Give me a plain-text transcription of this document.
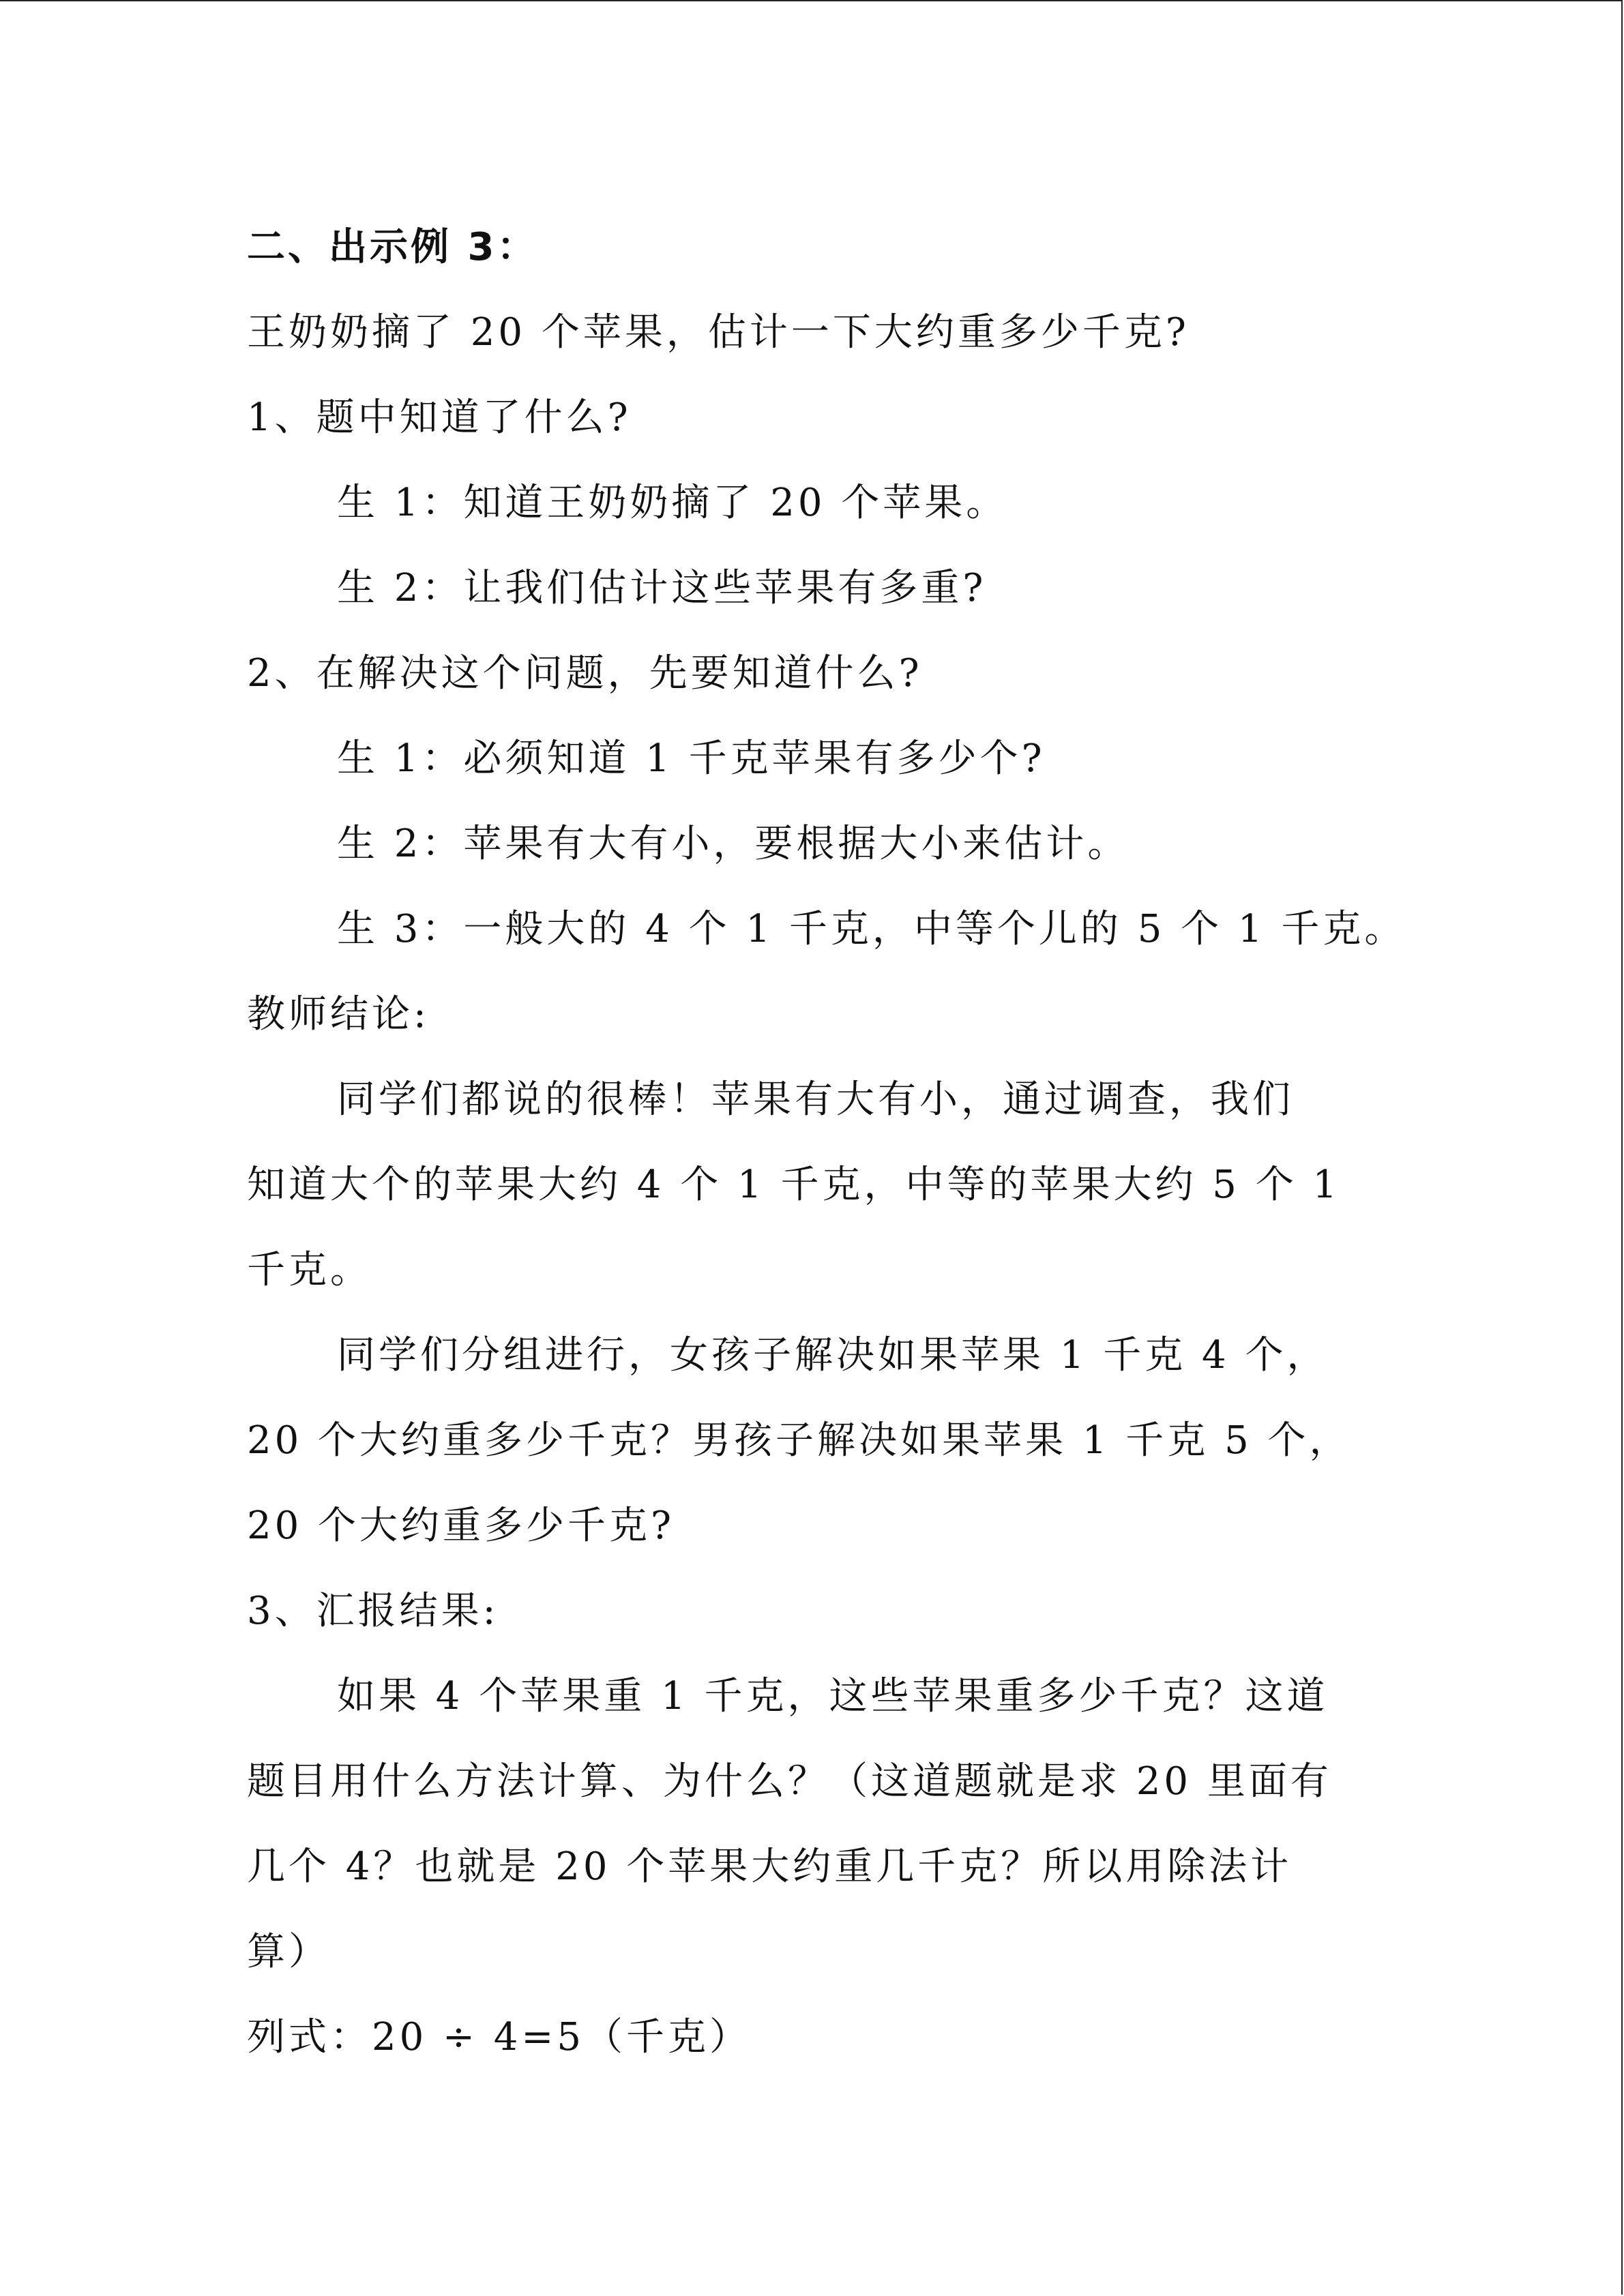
二、出示例 3：
王奶奶摘了 20 个苹果，估计一下大约重多少千克?
1、题中知道了什么?
生 1：知道王奶奶摘了 20 个苹果。
生 2：让我们估计这些苹果有多重?
2、在解决这个问题，先要知道什么?
生 1：必须知道 1 千克苹果有多少个?
生 2：苹果有大有小，要根据大小来估计。
生 3：一般大的 4 个 1 千克，中等个儿的 5 个 1 千克。
教师结论:
同学们都说的很棒！苹果有大有小，通过调查，我们
知道大个的苹果大约 4 个 1 千克，中等的苹果大约 5 个 1
千克。
同学们分组进行，女孩子解决如果苹果 1 千克 4 个，
20 个大约重多少千克？男孩子解决如果苹果 1 千克 5 个，
20 个大约重多少千克?
3、汇报结果:
如果 4 个苹果重 1 千克，这些苹果重多少千克？这道
题目用什么方法计算、为什么？（这道题就是求 20 里面有
几个 4？也就是 20 个苹果大约重几千克？所以用除法计
算）
列式：20 ÷ 4=5（千克）
